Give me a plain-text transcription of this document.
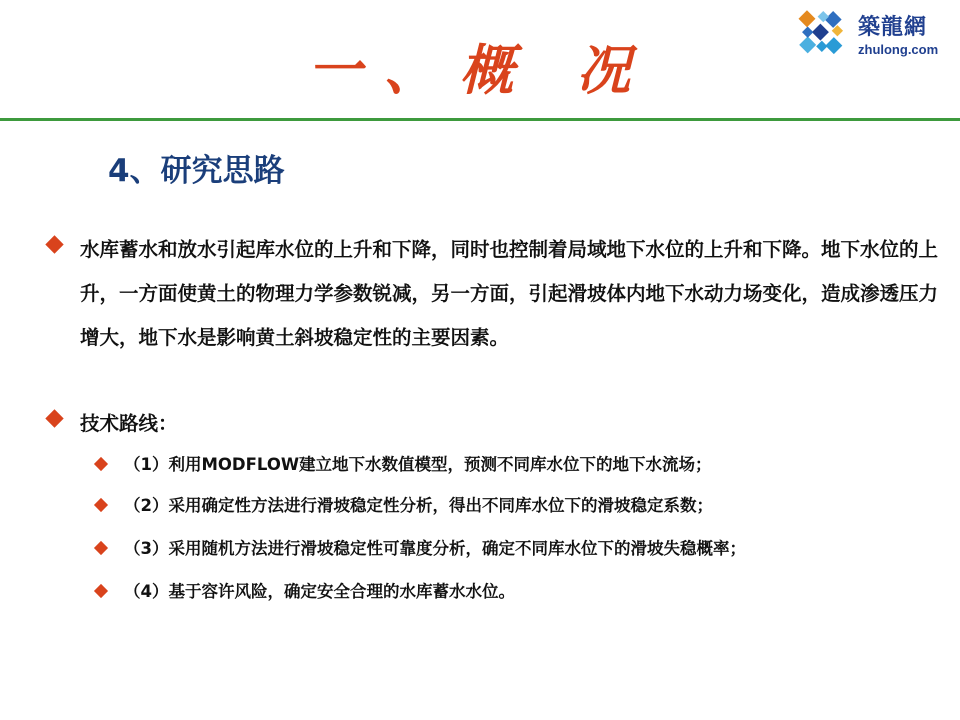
築龍網
zhulong.com
一、概 况
4、研究思路
水库蓄水和放水引起库水位的上升和下降，同时也控制着局域地下水位的上升和下降。地下水位的上升，一方面使黄土的物理力学参数锐减，另一方面，引起滑坡体内地下水动力场变化，造成渗透压力增大，地下水是影响黄土斜坡稳定性的主要因素。
技术路线：
（1）利用MODFLOW建立地下水数值模型，预测不同库水位下的地下水流场；
（2）采用确定性方法进行滑坡稳定性分析，得出不同库水位下的滑坡稳定系数；
（3）采用随机方法进行滑坡稳定性可靠度分析，确定不同库水位下的滑坡失稳概率；
（4）基于容许风险，确定安全合理的水库蓄水水位。
